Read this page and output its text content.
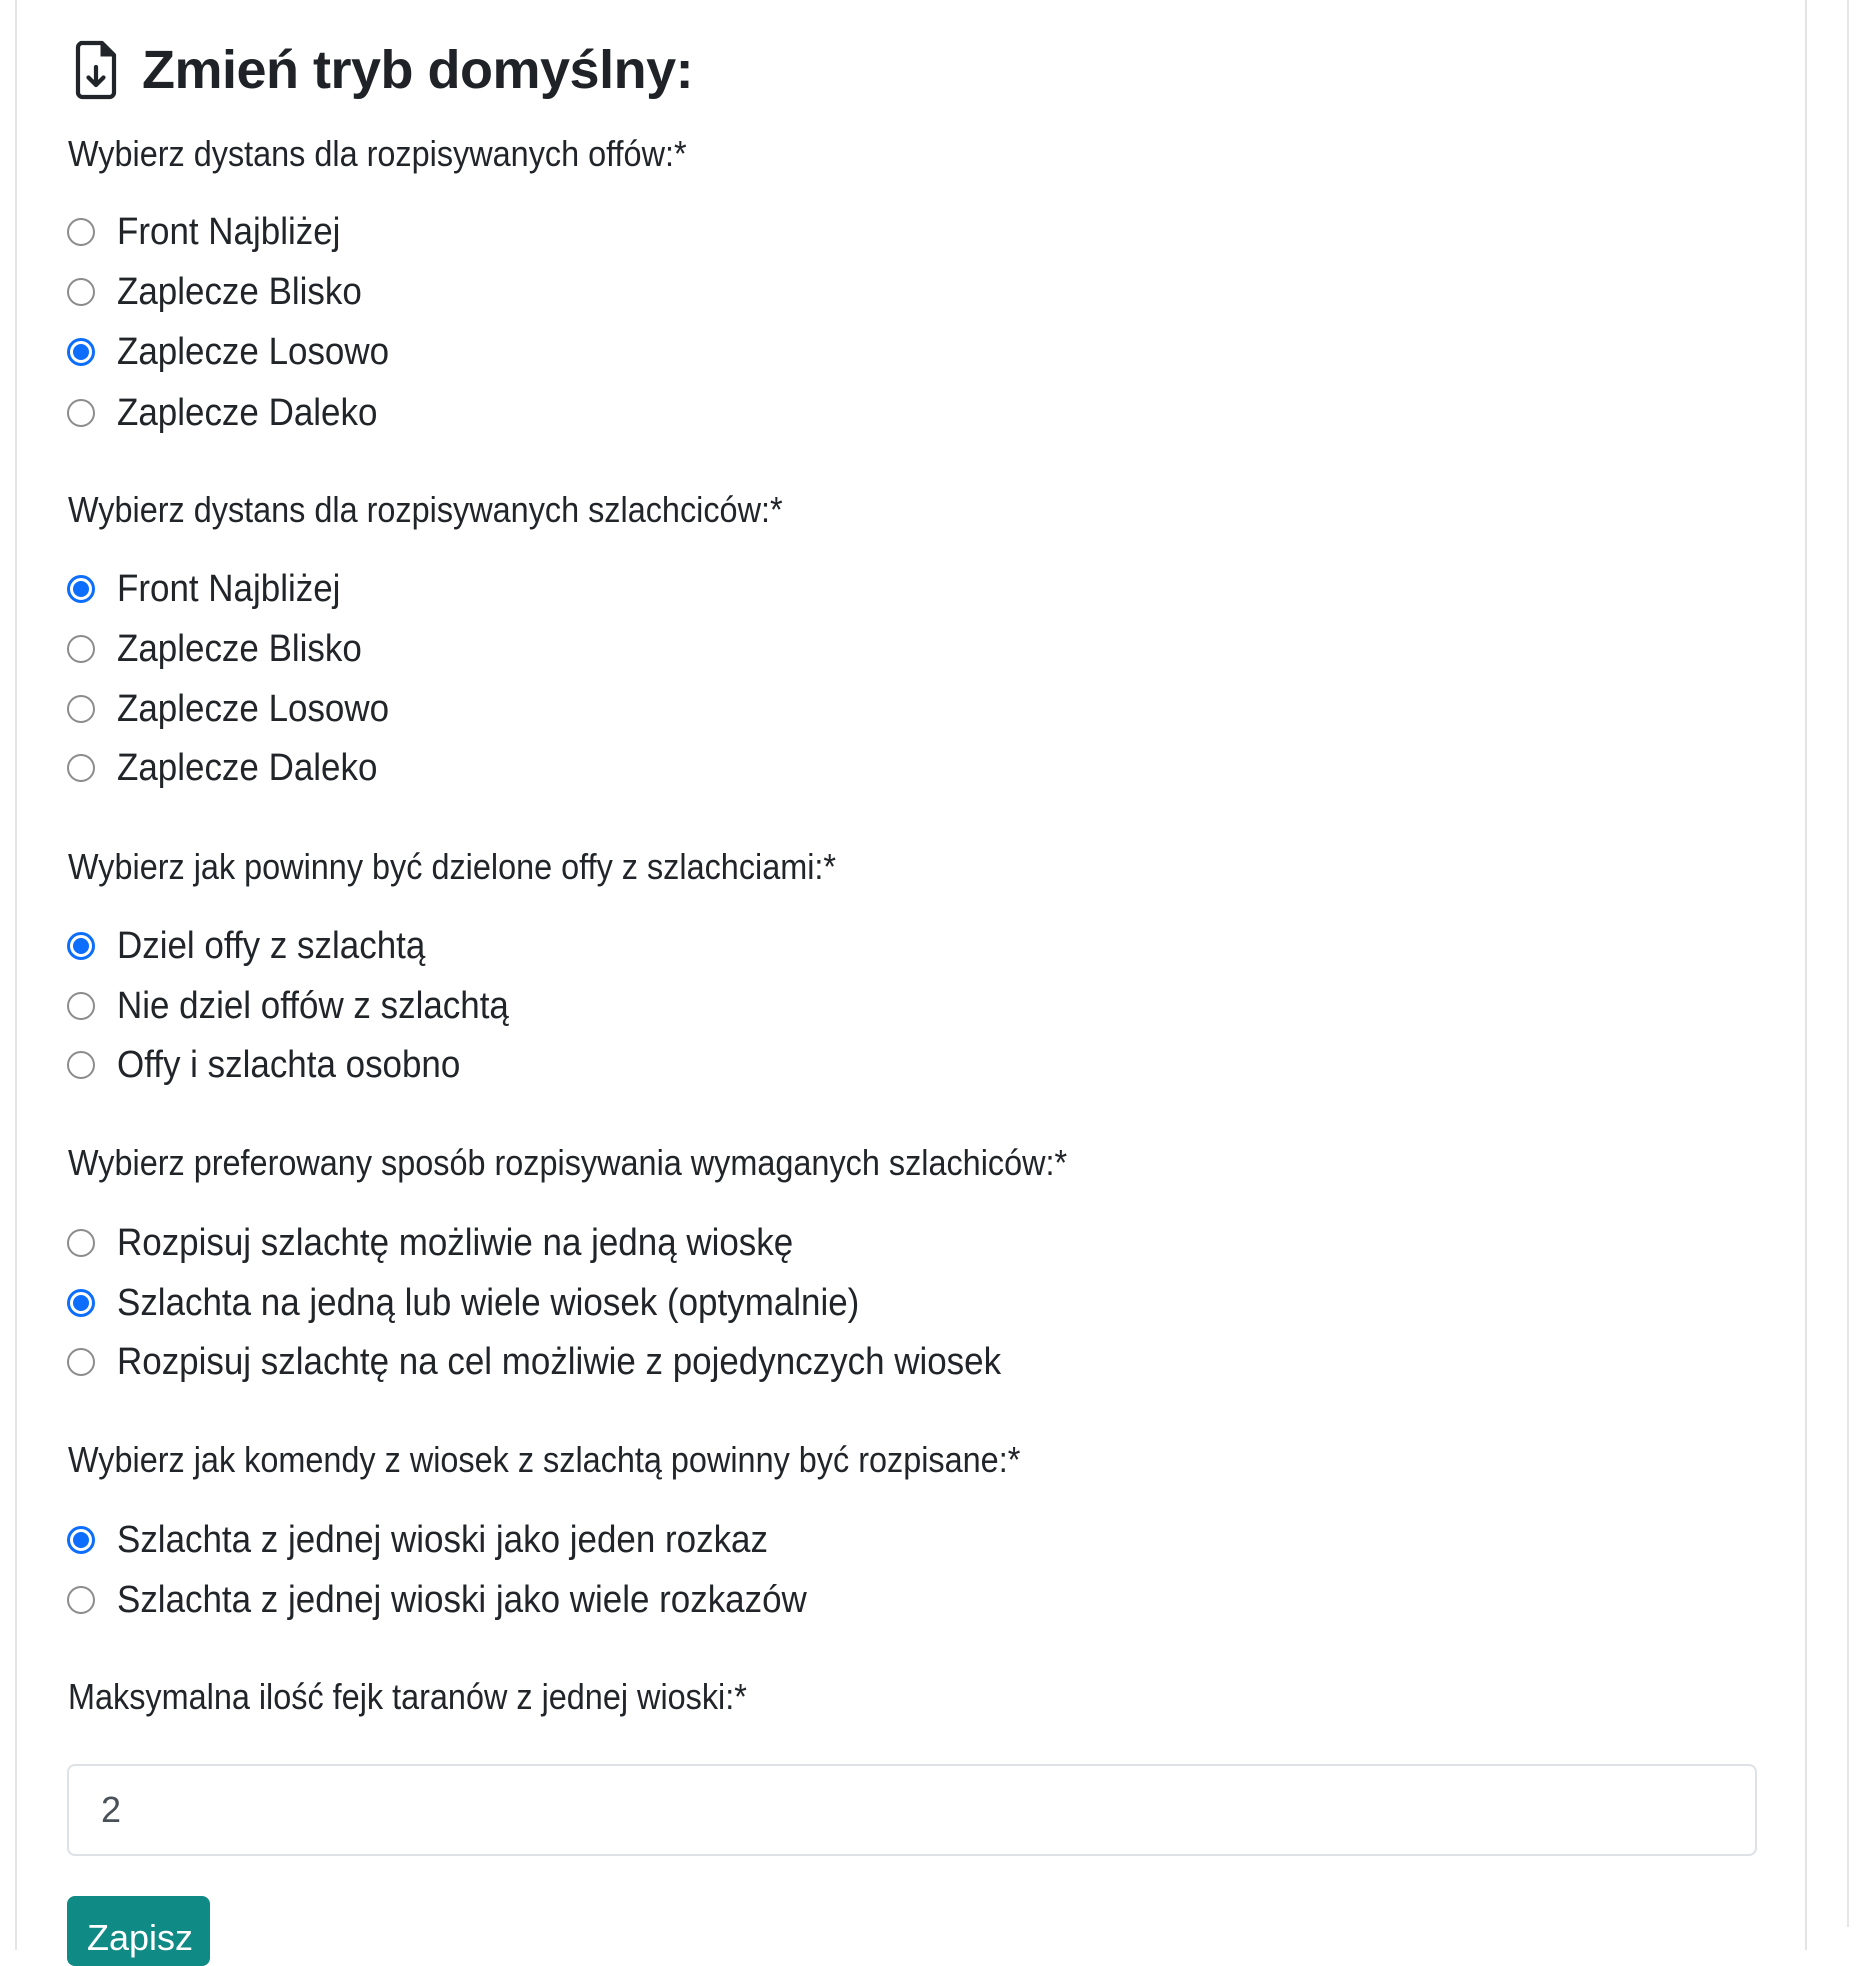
Zmień tryb domyślny:
Wybierz dystans dla rozpisywanych offów:*
Front Najbliżej
Zaplecze Blisko
Zaplecze Losowo
Zaplecze Daleko
Wybierz dystans dla rozpisywanych szlachciców:*
Front Najbliżej
Zaplecze Blisko
Zaplecze Losowo
Zaplecze Daleko
Wybierz jak powinny być dzielone offy z szlachciami:*
Dziel offy z szlachtą
Nie dziel offów z szlachtą
Offy i szlachta osobno
Wybierz preferowany sposób rozpisywania wymaganych szlachiców:*
Rozpisuj szlachtę możliwie na jedną wioskę
Szlachta na jedną lub wiele wiosek (optymalnie)
Rozpisuj szlachtę na cel możliwie z pojedynczych wiosek
Wybierz jak komendy z wiosek z szlachtą powinny być rozpisane:*
Szlachta z jednej wioski jako jeden rozkaz
Szlachta z jednej wioski jako wiele rozkazów
Maksymalna ilość fejk taranów z jednej wioski:*
2
Zapisz
